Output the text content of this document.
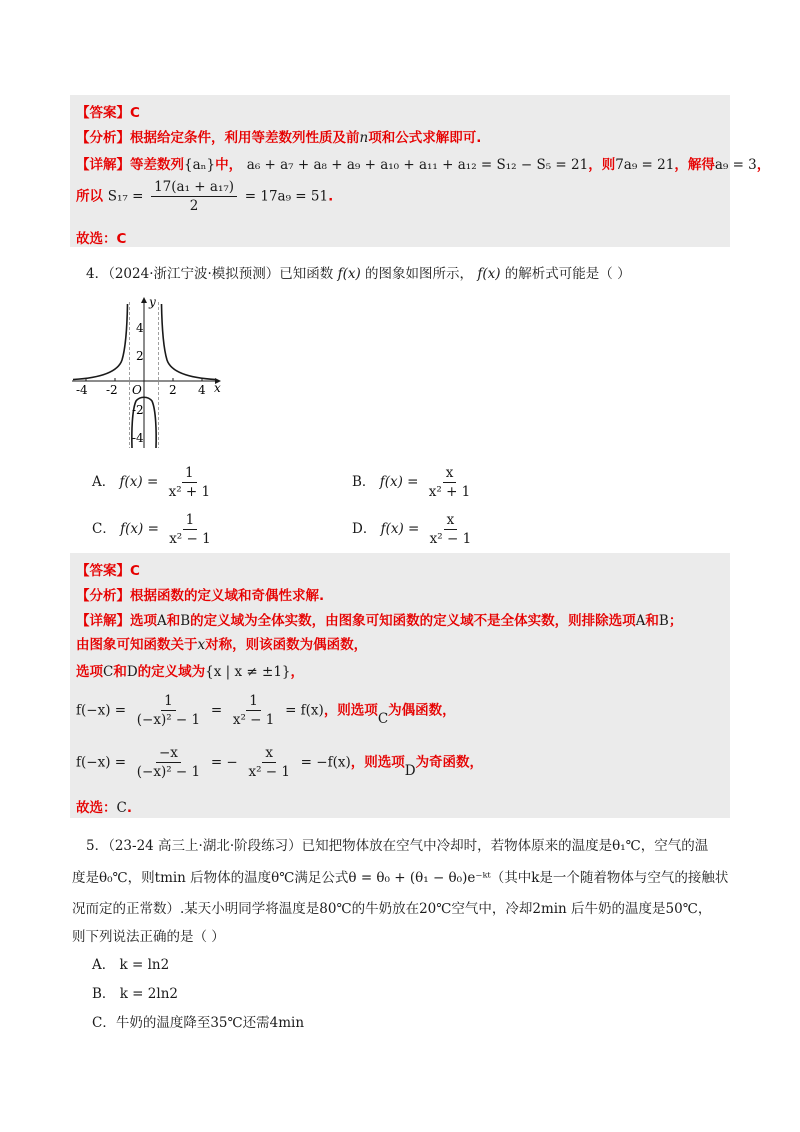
【答案】C
【分析】根据给定条件，利用等差数列性质及前n项和公式求解即可.
【详解】等差数列{aₙ}中， a₆ + a₇ + a₈ + a₉ + a₁₀ + a₁₁ + a₁₂ = S₁₂ − S₅ = 21，则7a₉ = 21，解得a₉ = 3，
所以 $S_{17} = \frac{\text{17(a₁ + a₁₇)}}{2} = 17a_9 = 51$.
故选：C
4．（2024·浙江宁波·模拟预测）已知函数 f(x) 的图象如图所示， f(x) 的解析式可能是（ ）
y
x
O
-4 -2	2 4
4
2
-2
-4
A． $f(x) = \frac{1}{\text{x² + 1}}$	B． $f(x) = \frac{x}{\text{x² + 1}}$
C． $f(x) = \frac{1}{\text{x² − 1}}$	D． $f(x) = \frac{x}{\text{x² − 1}}$
【答案】C
【分析】根据函数的定义域和奇偶性求解.
【详解】选项A和B的定义域为全体实数，由图象可知函数的定义域不是全体实数，则排除选项A和B；
由图象可知函数关于x对称，则该函数为偶函数，
选项C和D的定义域为{x | x ≠ ±1}，
$f(-x) = \frac{1}{\text{(−x)² − 1}} = \frac{1}{\text{x² − 1}} = f(x)$，则选项C为偶函数，
$f(-x) = \frac{-x}{\text{(−x)² − 1}}$ = − $\frac{x}{\text{x² − 1}} = -f(x)$，则选项D为奇函数，
故选：C.
5．（23-24 高三上·湖北·阶段练习）已知把物体放在空气中冷却时，若物体原来的温度是θ₁℃，空气的温
度是θ₀℃，则tmin 后物体的温度θ℃满足公式θ = θ₀ + (θ₁ − θ₀)e⁻ᵏᵗ（其中k是一个随着物体与空气的接触状
况而定的正常数）.某天小明同学将温度是80℃的牛奶放在20℃空气中，冷却2min 后牛奶的温度是50℃，
则下列说法正确的是（ ）
A． k = ln2
B． k = 2ln2
C．牛奶的温度降至35℃还需4min
